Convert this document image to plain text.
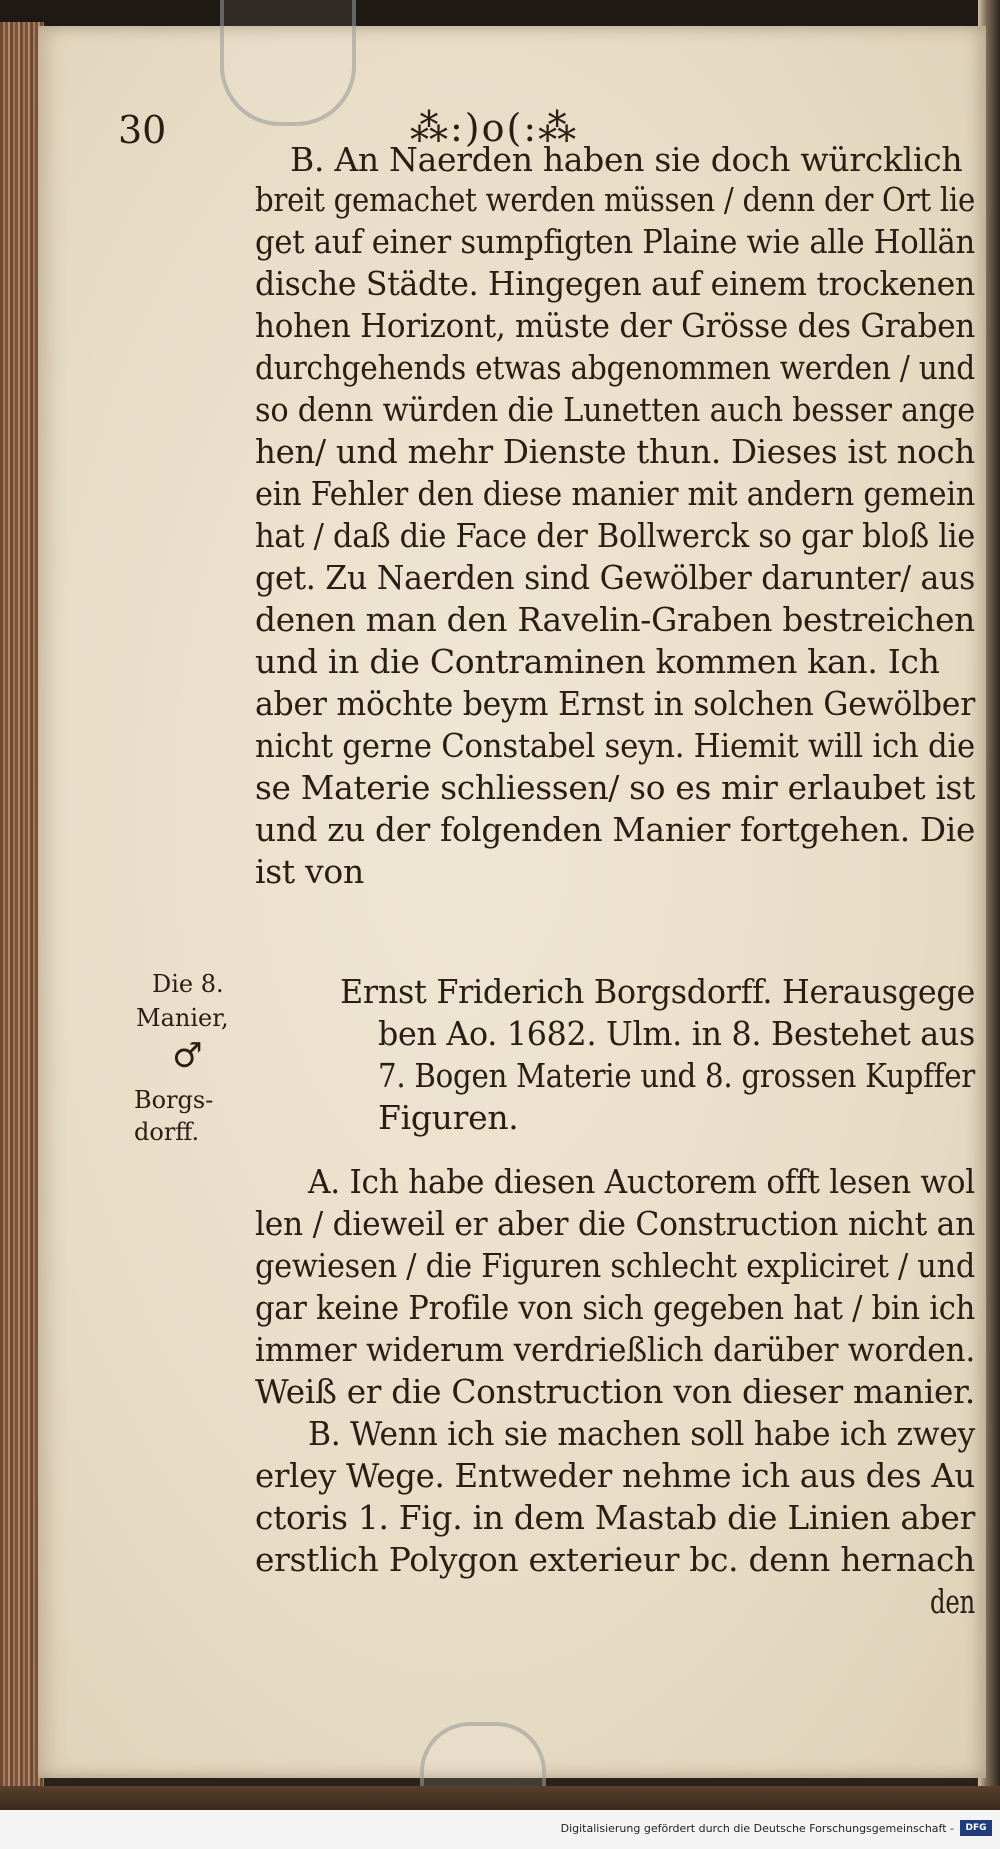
30	⁂:)o(:⁂
B. An Naerden haben sie doch würcklich
breit gemachet werden müssen / denn der Ort lie
get auf einer sumpfigten Plaine wie alle Hollän
dische Städte. Hingegen auf einem trockenen
hohen Horizont, müste der Grösse des Graben
durchgehends etwas abgenommen werden / und
so denn würden die Lunetten auch besser ange
hen/ und mehr Dienste thun. Dieses ist noch
ein Fehler den diese manier mit andern gemein
hat / daß die Face der Bollwerck so gar bloß lie
get. Zu Naerden sind Gewölber darunter/ aus
denen man den Ravelin-Graben bestreichen
und in die Contraminen kommen kan. Ich
aber möchte beym Ernst in solchen Gewölber
nicht gerne Constabel seyn. Hiemit will ich die
se Materie schliessen/ so es mir erlaubet ist
und zu der folgenden Manier fortgehen. Die
ist von
Die 8.
Manier,
♂
Borgs-
dorff.
Ernst Friderich Borgsdorff. Herausgege
ben Ao. 1682. Ulm. in 8. Bestehet aus
7. Bogen Materie und 8. grossen Kupffer
Figuren.
A. Ich habe diesen Auctorem offt lesen wol
len / dieweil er aber die Construction nicht an
gewiesen / die Figuren schlecht expliciret / und
gar keine Profile von sich gegeben hat / bin ich
immer widerum verdrießlich darüber worden.
Weiß er die Construction von dieser manier.
B. Wenn ich sie machen soll habe ich zwey
erley Wege. Entweder nehme ich aus des Au
ctoris 1. Fig. in dem Mastab die Linien aber
erstlich Polygon exterieur bc. denn hernach
den
Digitalisierung gefördert durch die Deutsche Forschungsgemeinschaft -	DFG
